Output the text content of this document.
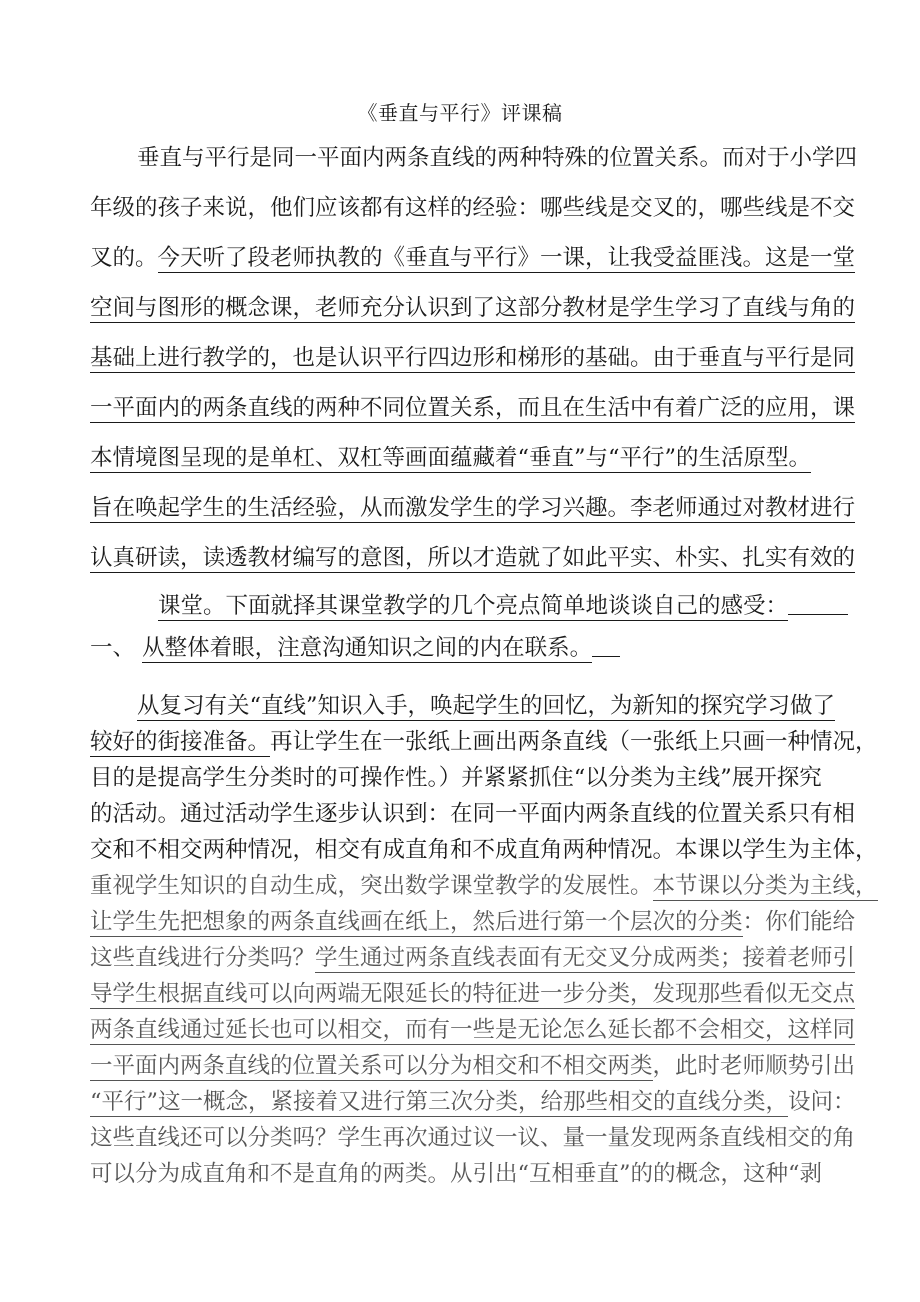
《垂直与平行》评课稿
垂直与平行是同一平面内两条直线的两种特殊的位置关系。而对于小学四
年级的孩子来说，他们应该都有这样的经验：哪些线是交叉的，哪些线是不交
叉的。今天听了段老师执教的《垂直与平行》一课，让我受益匪浅。这是一堂
空间与图形的概念课，老师充分认识到了这部分教材是学生学习了直线与角的
基础上进行教学的，也是认识平行四边形和梯形的基础。由于垂直与平行是同
一平面内的两条直线的两种不同位置关系，而且在生活中有着广泛的应用，课
本情境图呈现的是单杠、双杠等画面蕴藏着“垂直”与“平行”的生活原型。
旨在唤起学生的生活经验，从而激发学生的学习兴趣。李老师通过对教材进行
认真研读，读透教材编写的意图，所以才造就了如此平实、朴实、扎实有效的
课堂。下面就择其课堂教学的几个亮点简单地谈谈自己的感受：
一、 从整体着眼，注意沟通知识之间的内在联系。
从复习有关“直线”知识入手，唤起学生的回忆，为新知的探究学习做了
较好的街接准备。再让学生在一张纸上画出两条直线（一张纸上只画一种情况，
目的是提高学生分类时的可操作性。）并紧紧抓住“以分类为主线”展开探究
的活动。通过活动学生逐步认识到：在同一平面内两条直线的位置关系只有相
交和不相交两种情况，相交有成直角和不成直角两种情况。本课以学生为主体，
重视学生知识的自动生成，突出数学课堂教学的发展性。本节课以分类为主线，
让学生先把想象的两条直线画在纸上，然后进行第一个层次的分类：你们能给
这些直线进行分类吗？学生通过两条直线表面有无交叉分成两类；接着老师引
导学生根据直线可以向两端无限延长的特征进一步分类，发现那些看似无交点
两条直线通过延长也可以相交，而有一些是无论怎么延长都不会相交，这样同
一平面内两条直线的位置关系可以分为相交和不相交两类，此时老师顺势引出
“平行”这一概念，紧接着又进行第三次分类，给那些相交的直线分类，设问：
这些直线还可以分类吗？学生再次通过议一议、量一量发现两条直线相交的角
可以分为成直角和不是直角的两类。从引出“互相垂直”的的概念，这种“剥
